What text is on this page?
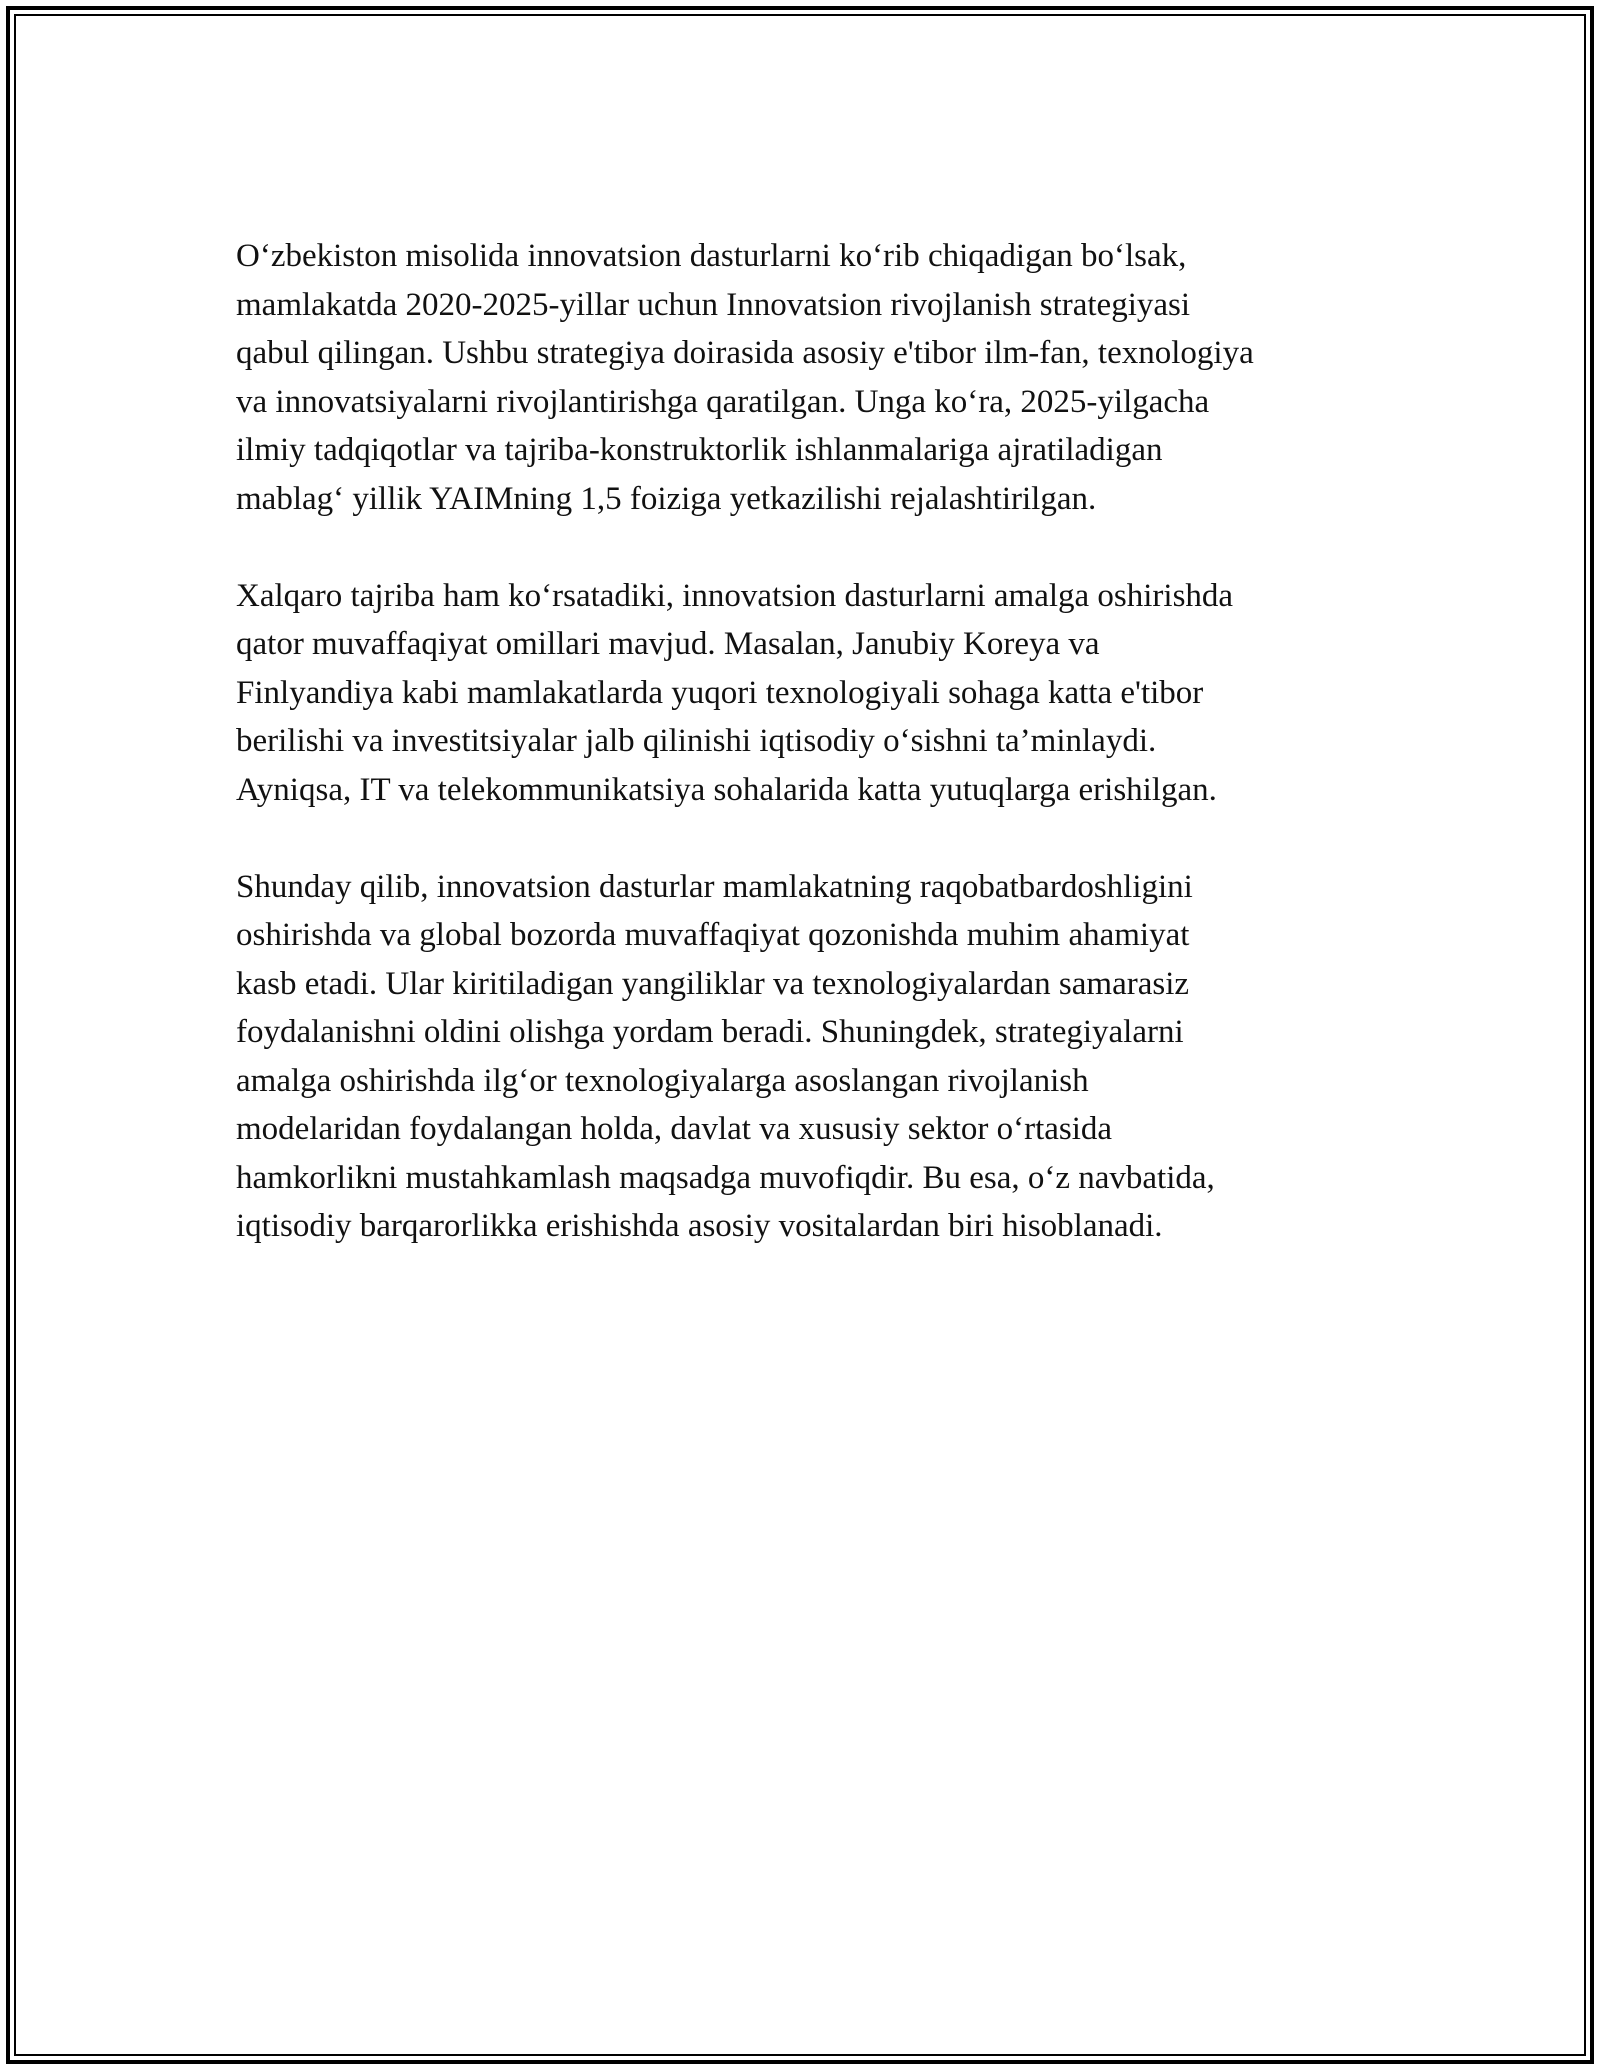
O‘zbekiston misolida innovatsion dasturlarni ko‘rib chiqadigan bo‘lsak,
mamlakatda 2020-2025-yillar uchun Innovatsion rivojlanish strategiyasi
qabul qilingan. Ushbu strategiya doirasida asosiy e'tibor ilm-fan, texnologiya
va innovatsiyalarni rivojlantirishga qaratilgan. Unga ko‘ra, 2025-yilgacha
ilmiy tadqiqotlar va tajriba-konstruktorlik ishlanmalariga ajratiladigan
mablag‘ yillik YAIMning 1,5 foiziga yetkazilishi rejalashtirilgan.

Xalqaro tajriba ham ko‘rsatadiki, innovatsion dasturlarni amalga oshirishda
qator muvaffaqiyat omillari mavjud. Masalan, Janubiy Koreya va
Finlyandiya kabi mamlakatlarda yuqori texnologiyali sohaga katta e'tibor
berilishi va investitsiyalar jalb qilinishi iqtisodiy o‘sishni ta’minlaydi.
Ayniqsa, IT va telekommunikatsiya sohalarida katta yutuqlarga erishilgan.

Shunday qilib, innovatsion dasturlar mamlakatning raqobatbardoshligini
oshirishda va global bozorda muvaffaqiyat qozonishda muhim ahamiyat
kasb etadi. Ular kiritiladigan yangiliklar va texnologiyalardan samarasiz
foydalanishni oldini olishga yordam beradi. Shuningdek, strategiyalarni
amalga oshirishda ilg‘or texnologiyalarga asoslangan rivojlanish
modelaridan foydalangan holda, davlat va xususiy sektor o‘rtasida
hamkorlikni mustahkamlash maqsadga muvofiqdir. Bu esa, o‘z navbatida,
iqtisodiy barqarorlikka erishishda asosiy vositalardan biri hisoblanadi.
